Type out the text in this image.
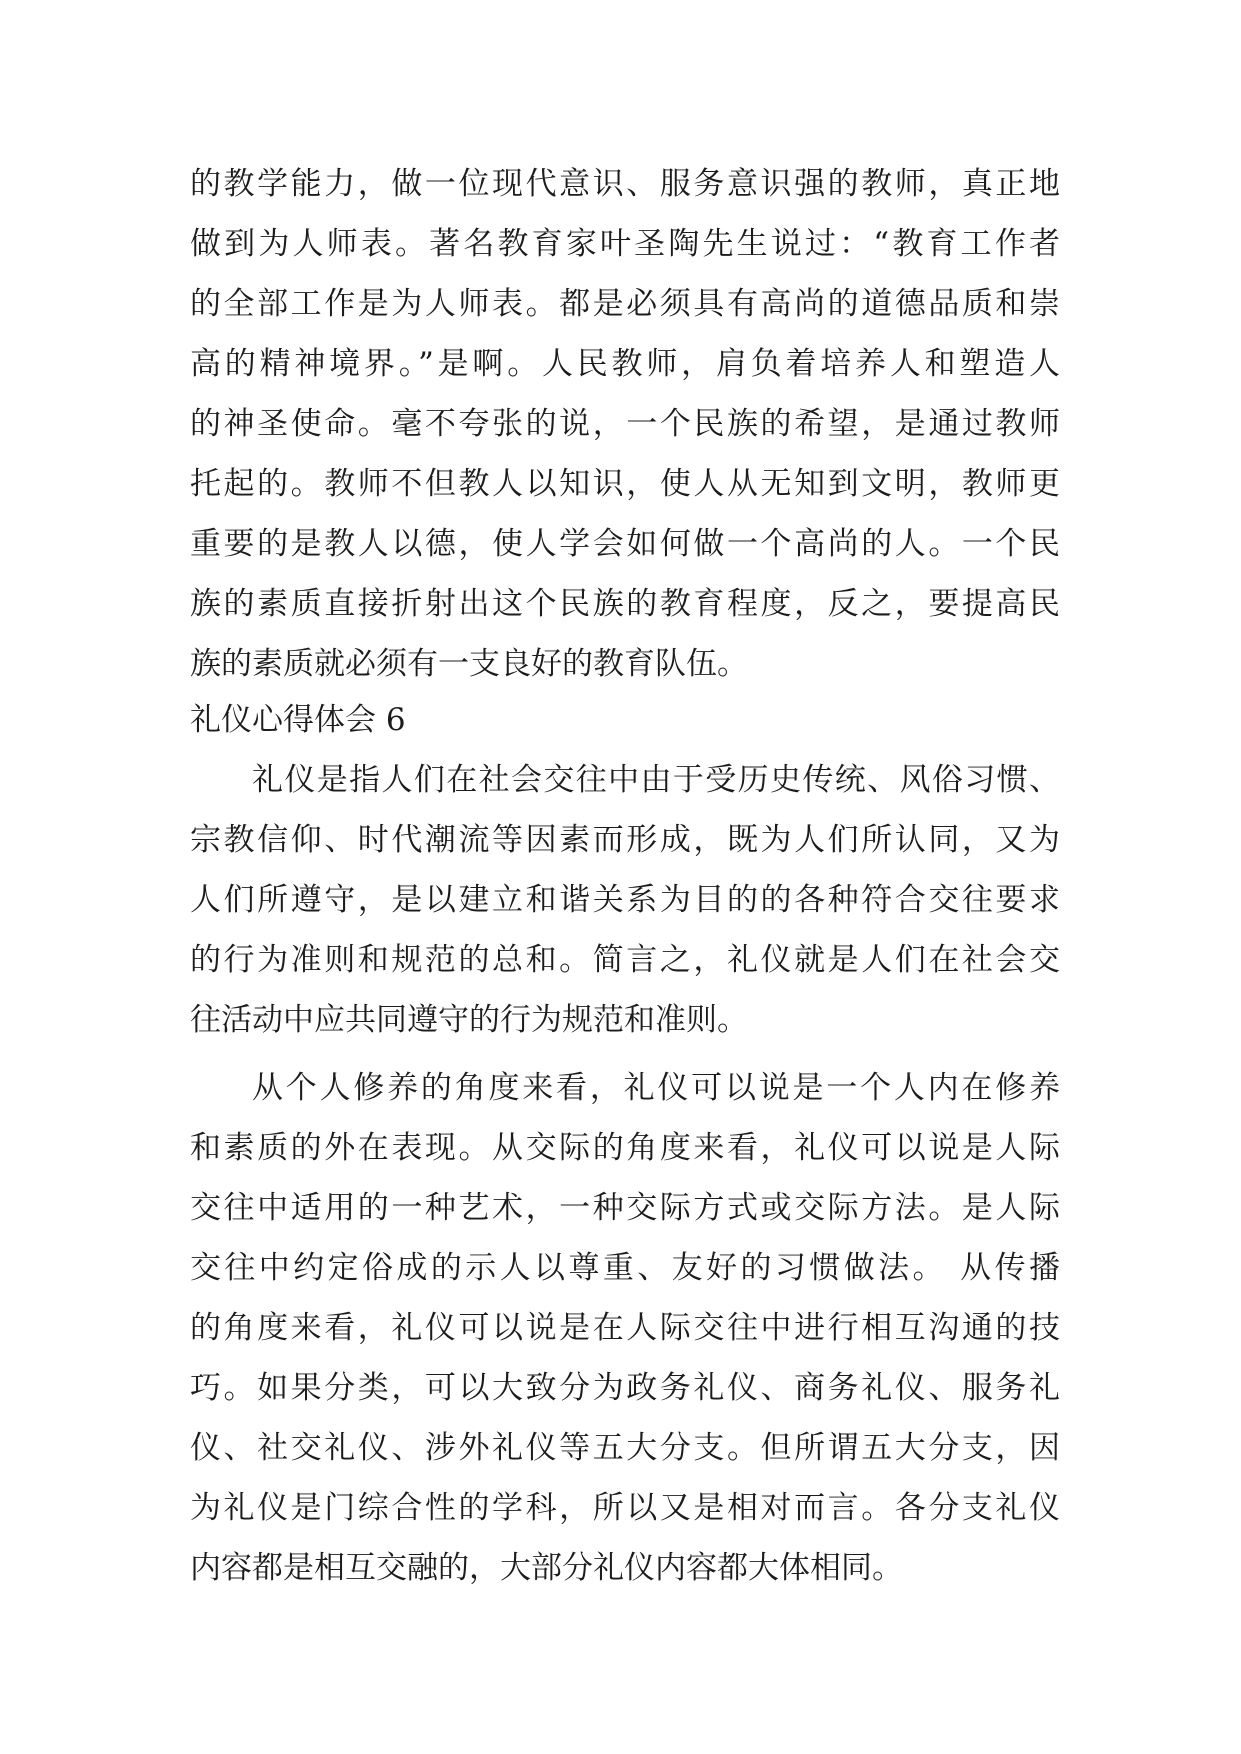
的教学能力，做一位现代意识、服务意识强的教师，真正地
做到为人师表。著名教育家叶圣陶先生说过：“教育工作者
的全部工作是为人师表。都是必须具有高尚的道德品质和崇
高的精神境界。”是啊。人民教师，肩负着培养人和塑造人
的神圣使命。毫不夸张的说，一个民族的希望，是通过教师
托起的。教师不但教人以知识，使人从无知到文明，教师更
重要的是教人以德，使人学会如何做一个高尚的人。一个民
族的素质直接折射出这个民族的教育程度，反之，要提高民
族的素质就必须有一支良好的教育队伍。
礼仪心得体会 6
礼仪是指人们在社会交往中由于受历史传统、风俗习惯、
宗教信仰、时代潮流等因素而形成，既为人们所认同，又为
人们所遵守，是以建立和谐关系为目的的各种符合交往要求
的行为准则和规范的总和。简言之，礼仪就是人们在社会交
往活动中应共同遵守的行为规范和准则。
从个人修养的角度来看，礼仪可以说是一个人内在修养
和素质的外在表现。从交际的角度来看，礼仪可以说是人际
交往中适用的一种艺术，一种交际方式或交际方法。是人际
交往中约定俗成的示人以尊重、友好的习惯做法。 从传播
的角度来看，礼仪可以说是在人际交往中进行相互沟通的技
巧。如果分类，可以大致分为政务礼仪、商务礼仪、服务礼
仪、社交礼仪、涉外礼仪等五大分支。但所谓五大分支，因
为礼仪是门综合性的学科，所以又是相对而言。各分支礼仪
内容都是相互交融的，大部分礼仪内容都大体相同。
